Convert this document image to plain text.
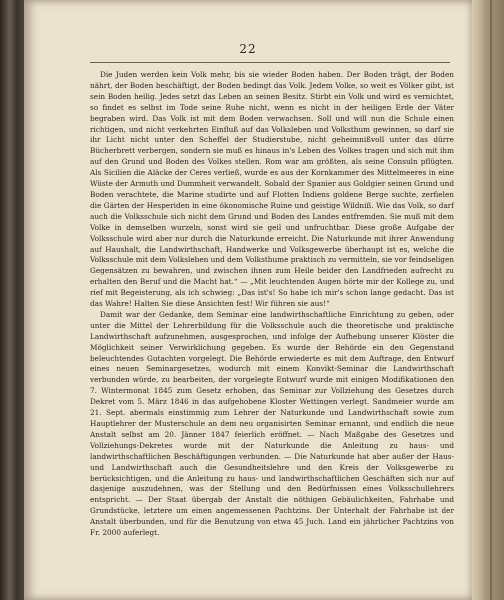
22

Die Juden werden kein Volk mehr, bis sie wieder Boden haben. Der Boden trägt, der Boden nährt, der Boden beschäftigt, der Boden bedingt das Volk. Jedem Volke, so weit es Völker gibt, ist sein Boden heilig. Jedes setzt das Leben an seinen Besitz. Stirbt ein Volk und wird es vernichtet, so findet es selbst im Tode seine Ruhe nicht, wenn es nicht in der heiligen Erde der Väter begraben wird. Das Volk ist mit dem Boden verwachsen. Soll und will nun die Schule einen richtigen, und nicht verkehrten Einfluß auf das Volksleben und Volksthum gewinnen, so darf sie ihr Licht nicht unter den Scheffel der Studierstube, nicht geheimnißvoll unter das dürre Bücherbrett verbergen, sondern sie muß es hinaus in's Leben des Volkes tragen und sich mit ihm auf den Grund und Boden des Volkes stellen. Rom war am größten, als seine Consuln pflügten. Als Sicilien die Aläcke der Ceres verließ, wurde es aus der Kornkammer des Mittelmeeres in eine Wüste der Armuth und Dummheit verwandelt. Sobald der Spanier aus Goldgier seinen Grund und Boden verachtete, die Marine studirte und auf Flotten Indiens goldene Berge suchte, zerfielen die Gärten der Hesperiden in eine ökonomische Ruine und geistige Wildniß. Wie das Volk, so darf auch die Volksschule sich nicht dem Grund und Boden des Landes entfremden. Sie muß mit dem Volke in demselben wurzeln, sonst wird sie geil und unfruchtbar. Diese große Aufgabe der Volksschule wird aber nur durch die Naturkunde erreicht. Die Naturkunde mit ihrer Anwendung auf Haushalt, die Landwirthschaft, Handwerke und Volksgewerbe überhaupt ist es, welche die Volksschule mit dem Volksleben und dem Volksthume praktisch zu vermitteln, sie vor feindseligen Gegensätzen zu bewahren, und zwischen ihnen zum Heile beider den Landfrieden aufrecht zu erhalten den Beruf und die Macht hat.“ — „Mit leuchtenden Augen hörte mir der Kollege zu, und rief mit Begeisterung, als ich schwieg: „Das ist's! So habe ich mir's schon lange gedacht. Das ist das Wahre! Halten Sie diese Ansichten fest! Wir führen sie aus!“

Damit war der Gedanke, dem Seminar eine landwirthschaftliche Einrichtung zu geben, oder unter die Mittel der Lehrerbildung für die Volksschule auch die theoretische und praktische Landwirthschaft aufzunehmen, ausgesprochen, und infolge der Aufhebung unserer Klöster die Möglichkeit seiner Verwirklichung gegeben. Es wurde der Behörde ein den Gegenstand beleuchtendes Gutachten vorgelegt. Die Behörde erwiederte es mit dem Auftrage, den Entwurf eines neuen Seminargesetzes, wodurch mit einem Konvikt-Seminar die Landwirthschaft verbunden würde, zu bearbeiten, der vorgelegte Entwurf wurde mit einigen Modifikationen den 7. Wintermonat 1845 zum Gesetz erhoben, das Seminar zur Vollziehung des Gesetzes durch Dekret vom 5. März 1846 in das aufgehobene Kloster Wettingen verlegt. Sandmeier wurde am 21. Sept. abermals einstimmig zum Lehrer der Naturkunde und Landwirthschaft sowie zum Hauptlehrer der Musterschule an dem neu organisirten Seminar ernannt, und endlich die neue Anstalt selbst am 20. Jänner 1847 feierlich eröffnet. — Nach Maßgabe des Gesetzes und Vollziehungs-Dekretes wurde mit der Naturkunde die Anleitung zu haus- und landwirthschaftlichen Beschäftigungen verbunden. — Die Naturkunde hat aber außer der Haus- und Landwirthschaft auch die Gesundheitslehre und den Kreis der Volksgewerbe zu berücksichtigen, und die Anleitung zu haus- und landwirthschaftlichen Geschäften sich nur auf dasjenige auszudehnen, was der Stellung und den Bedürfnissen eines Volksschullehrers entspricht. — Der Staat übergab der Anstalt die nöthigen Gebäulichkeiten, Fahrhabe und Grundstücke, letztere um einen angemessenen Pachtzins. Der Unterhalt der Fahrhabe ist der Anstalt überbunden, und für die Benutzung von etwa 45 Juch. Land ein jährlicher Pachtzins von Fr. 2000 auferlegt.
